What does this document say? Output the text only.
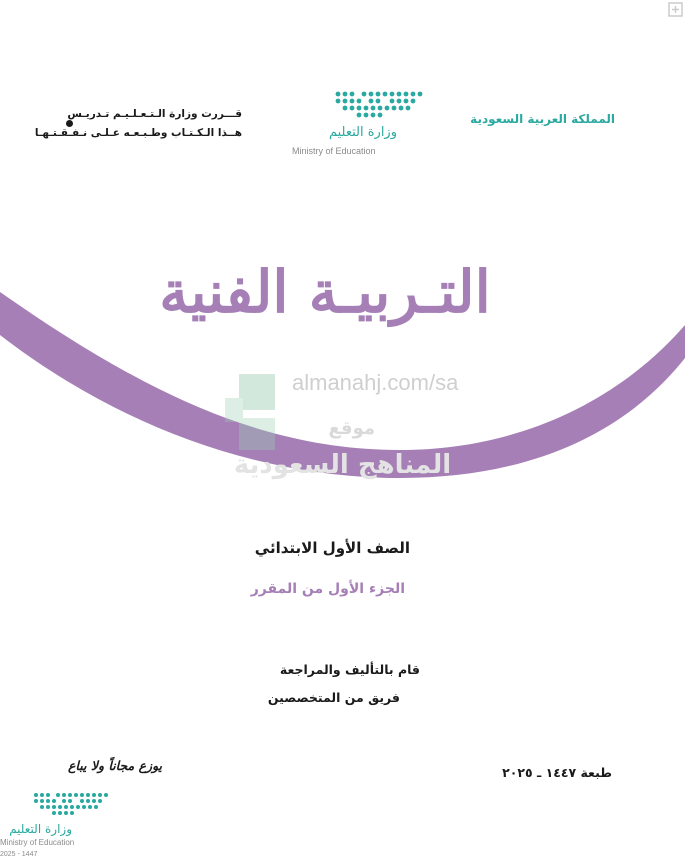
المملكة العربية السعودية
وزارة التعليم
Ministry of Education
قـــررت وزارة الـتـعـلـيـم تـدريـس
هــذا الـكـتـاب وطـبـعـه عـلـى نـفـقـتـهـا
التـربيـة الفنية
almanahj.com/sa
موقع
المناهج السعودية
الصف الأول الابتدائي
الجزء الأول من المقرر
قام بالتأليف والمراجعة
فريق من المتخصصين
طبعة ١٤٤٧ ـ ٢٠٢٥
يوزع مجاناً ولا يباع
وزارة التعليم
Ministry of Education
2025 - 1447
